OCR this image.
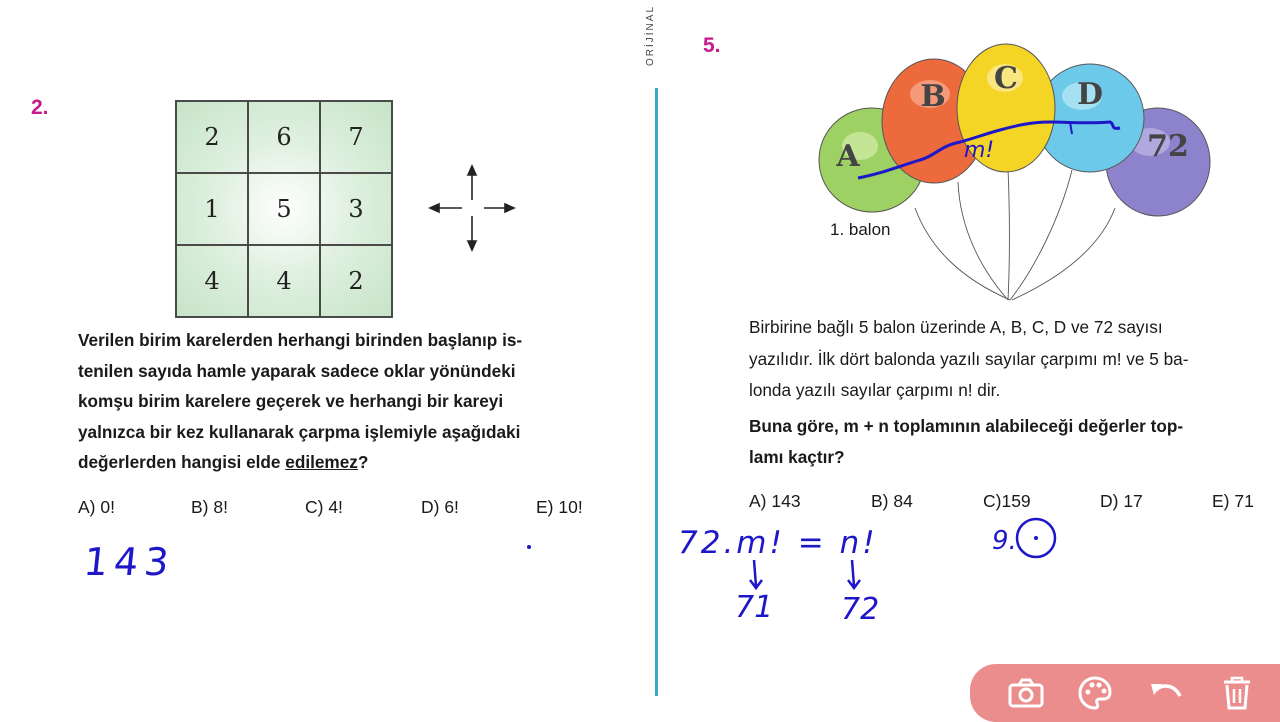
ORİJİNAL
2.
2	6	7
1	5	3
4	4	2
Verilen birim karelerden herhangi birinden başlanıp is-
tenilen sayıda hamle yaparak sadece oklar yönündeki
komşu birim karelere geçerek ve herhangi bir kareyi
yalnızca bir kez kullanarak çarpma işlemiyle aşağıdaki
değerlerden hangisi elde edilemez?
A) 0!	B) 8!	C) 4!	D) 6!	E) 10!
143
5.
A
B
C D
72
m!
1. balon
Birbirine bağlı 5 balon üzerinde A, B, C, D ve 72 sayısı
yazılıdır. İlk dört balonda yazılı sayılar çarpımı m! ve 5 ba-
londa yazılı sayılar çarpımı n! dir.
Buna göre, m + n toplamının alabileceği değerler top-
lamı kaçtır?
A) 143	B) 84	C)159	D) 17	E) 71
72.m! = n!
71 72
9.
